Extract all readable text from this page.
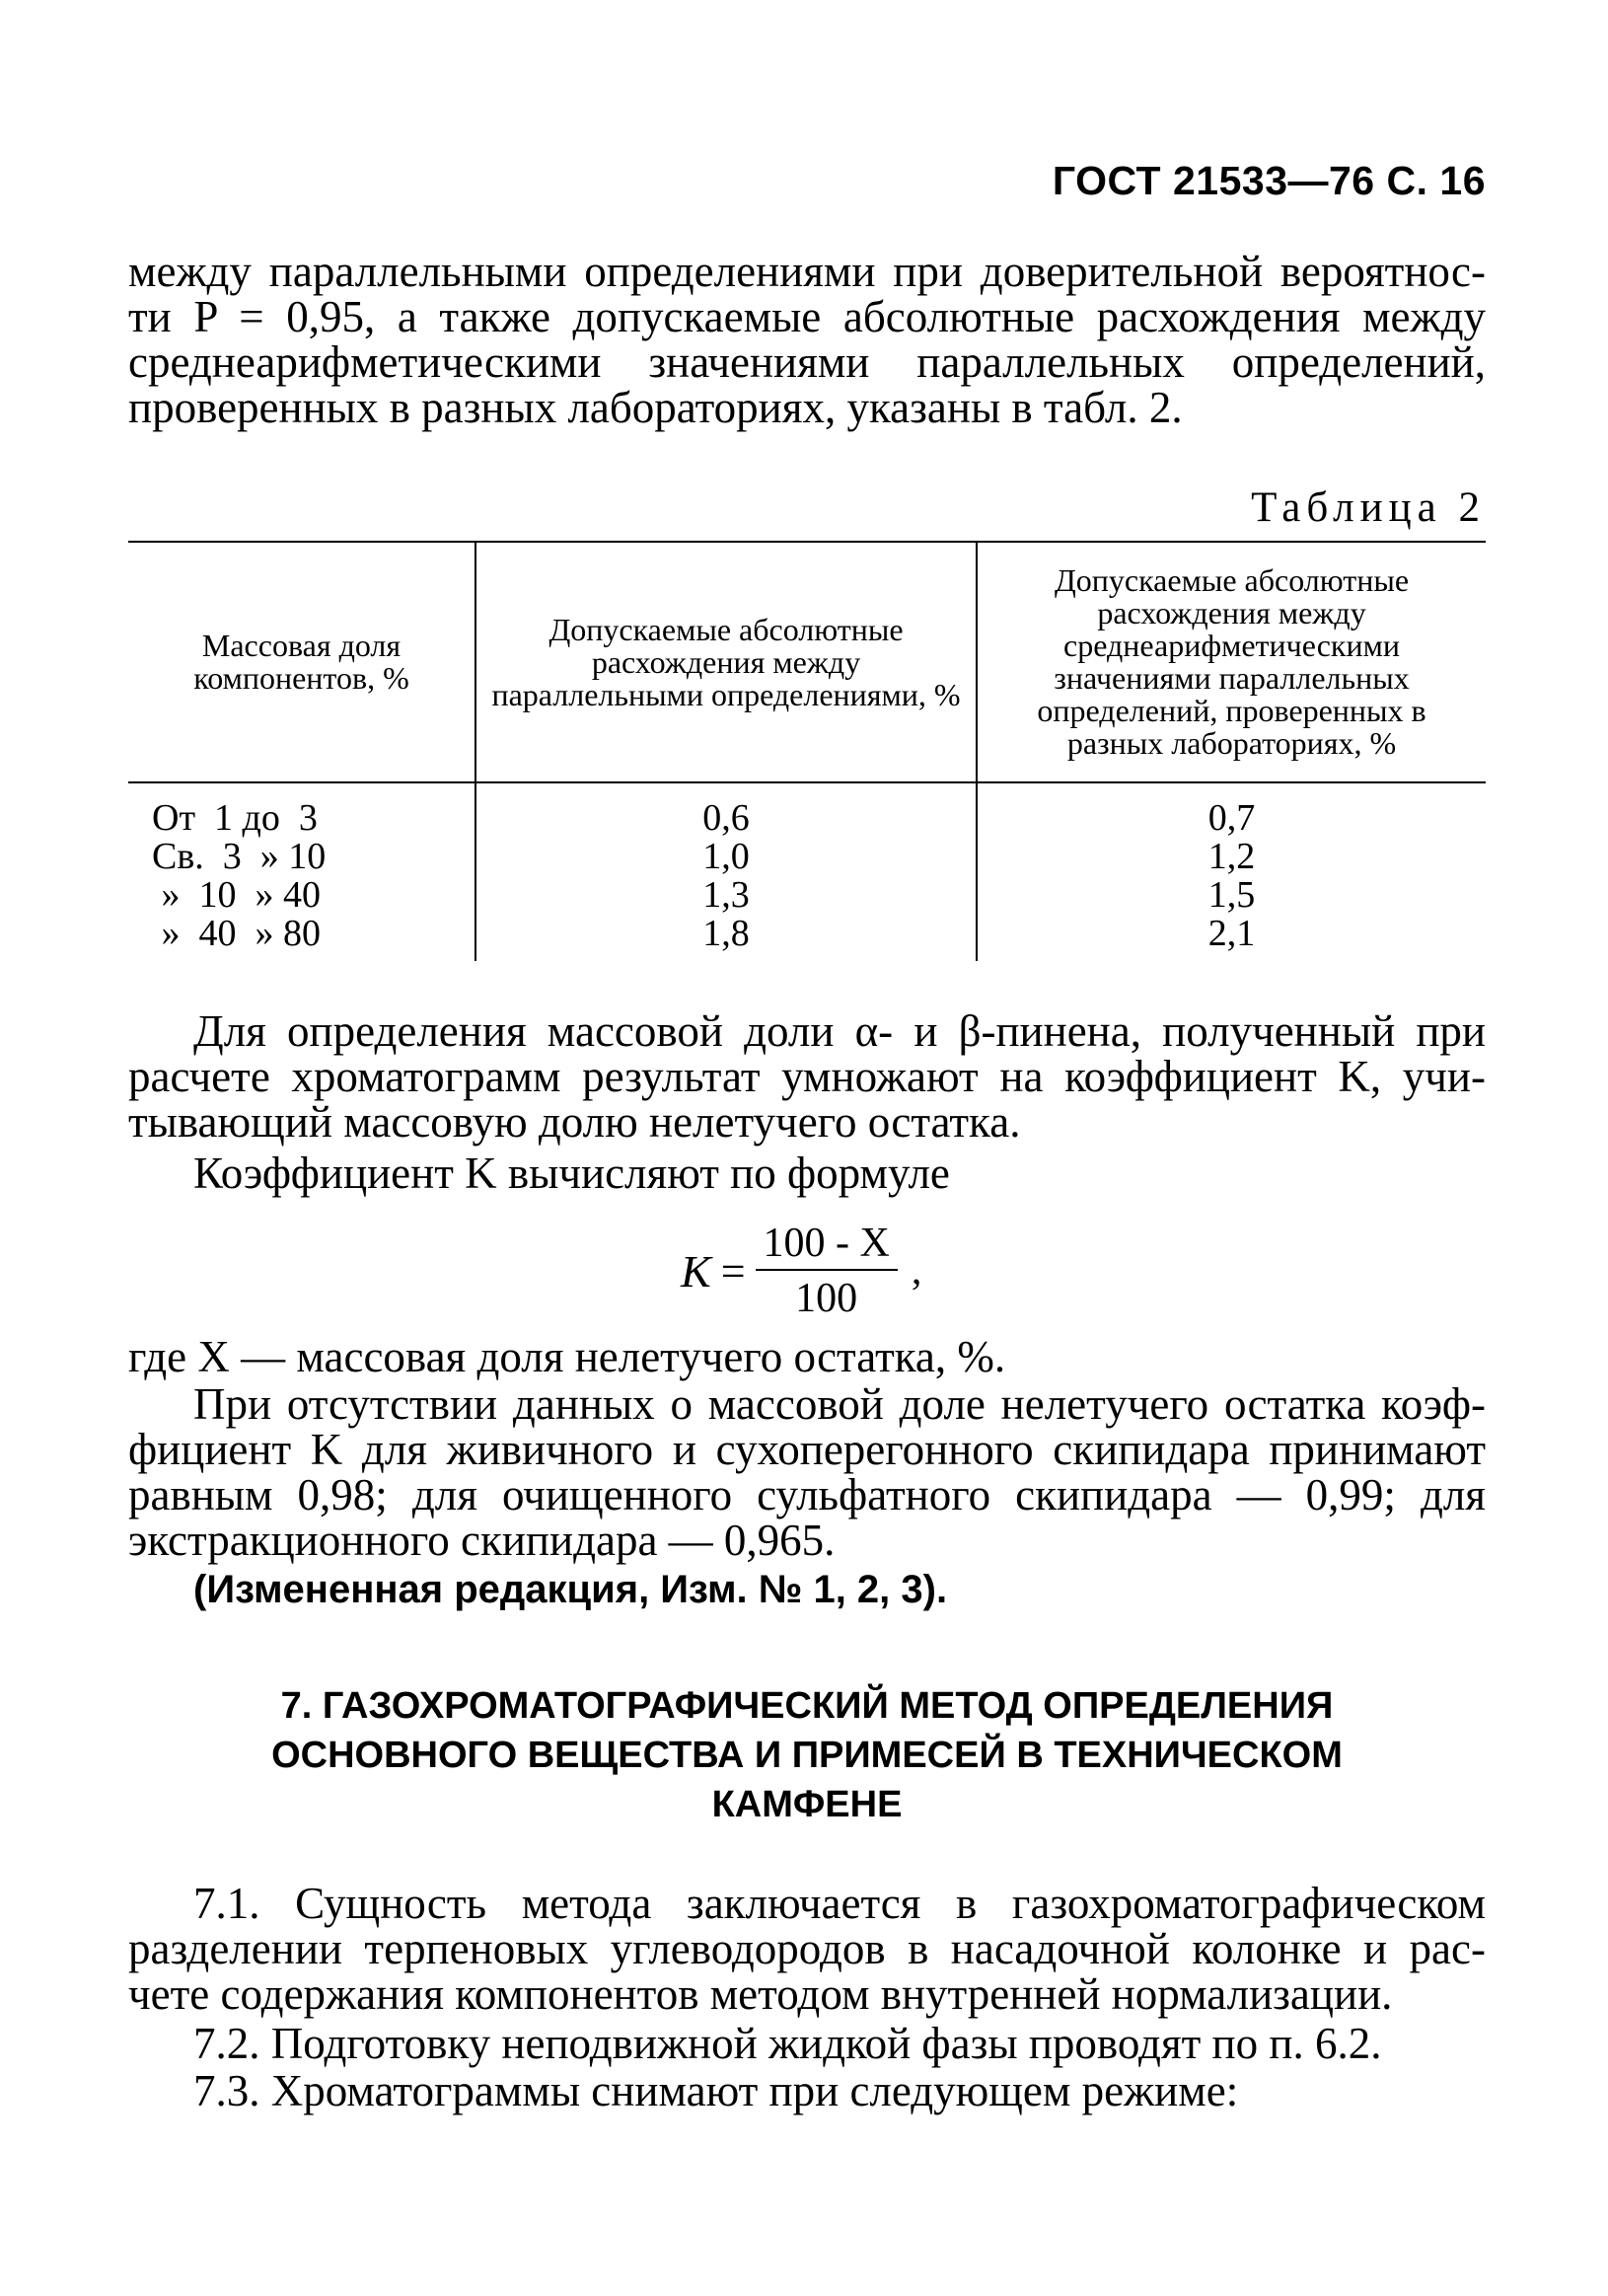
ГОСТ 21533—76 С. 16
между параллельными определениями при доверительной вероятнос-
ти P = 0,95, а также допускаемые абсолютные расхождения между
среднеарифметическими значениями параллельных определений,
проверенных в разных лабораториях, указаны в табл. 2.
Таблица 2
Массовая доля компонентов, %	Допускаемые абсолютные расхождения между параллельными определениями, %	Допускаемые абсолютные расхождения между среднеарифметическими значениями параллельных определений, проверенных в разных лабораториях, %
От  1 до  3	0,6	0,7
Св.  3  » 10	1,0	1,2
»  10  » 40	1,3	1,5
»  40  » 80	1,8	2,1
Для определения массовой доли α- и β-пинена, полученный при
расчете хроматограмм результат умножают на коэффициент K, учи-
тывающий массовую долю нелетучего остатка.
Коэффициент K вычисляют по формуле
$K = \frac{100 - X}{100}$ ,
где X — массовая доля нелетучего остатка, %.
При отсутствии данных о массовой доле нелетучего остатка коэф-
фициент K для живичного и сухоперегонного скипидара принимают
равным 0,98; для очищенного сульфатного скипидара — 0,99; для
экстракционного скипидара — 0,965.
(Измененная редакция, Изм. № 1, 2, 3).
7. ГАЗОХРОМАТОГРАФИЧЕСКИЙ МЕТОД ОПРЕДЕЛЕНИЯ
ОСНОВНОГО ВЕЩЕСТВА И ПРИМЕСЕЙ В ТЕХНИЧЕСКОМ
КАМФЕНЕ
7.1. Сущность метода заключается в газохроматографическом
разделении терпеновых углеводородов в насадочной колонке и рас-
чете содержания компонентов методом внутренней нормализации.
7.2. Подготовку неподвижной жидкой фазы проводят по п. 6.2.
7.3. Хроматограммы снимают при следующем режиме:
